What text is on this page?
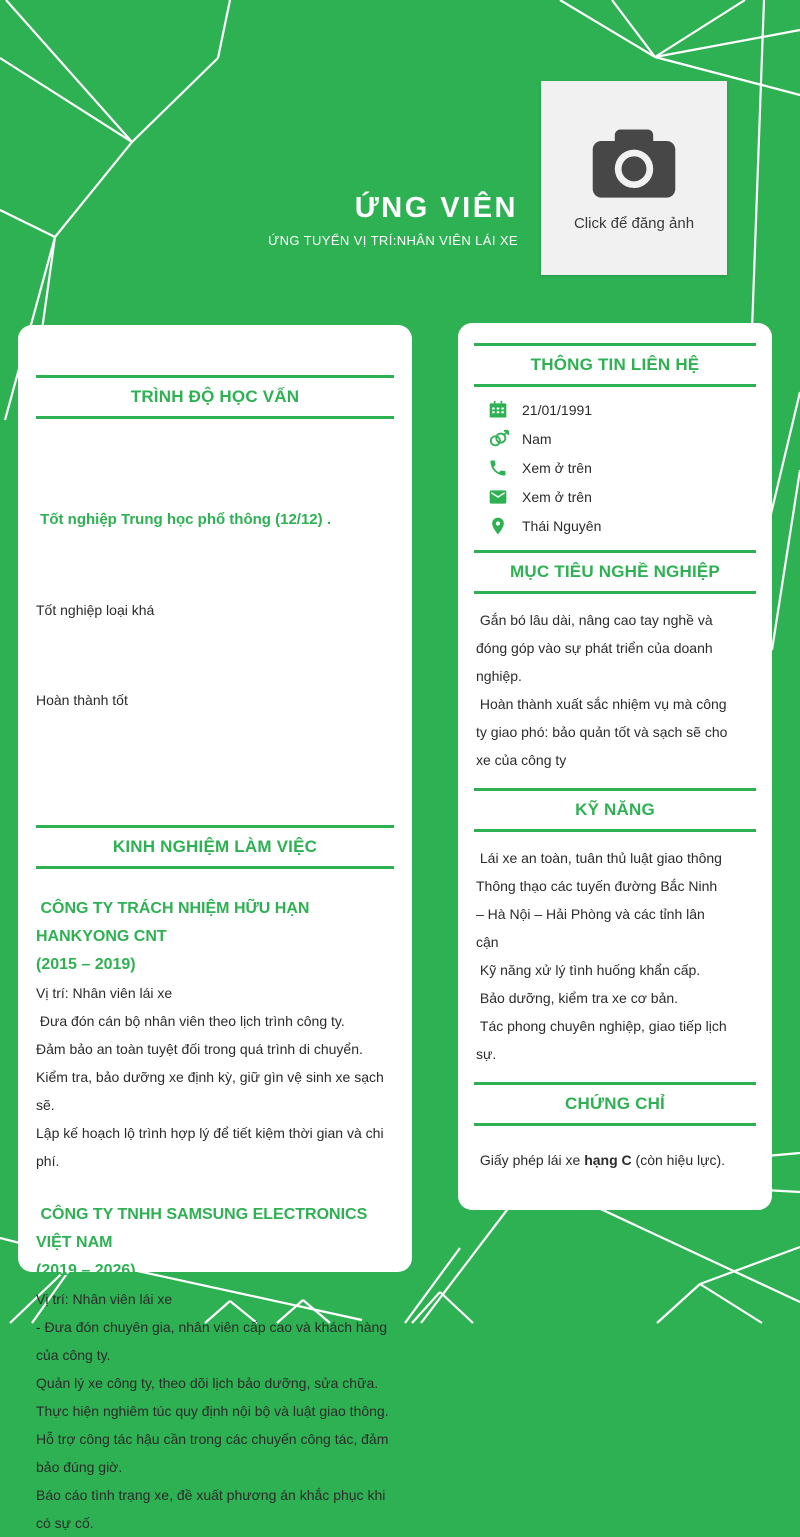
ỨNG VIÊN
ỨNG TUYỂN VỊ TRÍ:NHÂN VIÊN LÁI XE
Click để đăng ảnh
TRÌNH ĐỘ HỌC VẤN

Tốt nghiệp Trung học phổ thông (12/12) .

Tốt nghiệp loại khá

Hoàn thành tốt

KINH NGHIỆM LÀM VIỆC
CÔNG TY TRÁCH NHIỆM HỮU HẠN HANKYONG CNT
(2015 – 2019)
Vị trí: Nhân viên lái xe
Đưa đón cán bộ nhân viên theo lịch trình công ty.
Đảm bảo an toàn tuyệt đối trong quá trình di chuyển.
Kiểm tra, bảo dưỡng xe định kỳ, giữ gìn vệ sinh xe sạch sẽ.
Lập kế hoạch lộ trình hợp lý để tiết kiệm thời gian và chi phí.
CÔNG TY TNHH SAMSUNG ELECTRONICS VIỆT NAM
(2019 – 2026)
Vị trí: Nhân viên lái xe
- Đưa đón chuyên gia, nhân viên cấp cao và khách hàng của công ty.
Quản lý xe công ty, theo dõi lịch bảo dưỡng, sửa chữa.
Thực hiện nghiêm túc quy định nội bộ và luật giao thông.
Hỗ trợ công tác hậu cần trong các chuyến công tác, đảm bảo đúng giờ.
Báo cáo tình trạng xe, đề xuất phương án khắc phục khi có sự cố.
THÔNG TIN LIÊN HỆ
21/01/1991
Nam
Xem ở trên
Xem ở trên
Thái Nguyên
MỤC TIÊU NGHỀ NGHIỆP
Gắn bó lâu dài, nâng cao tay nghề và đóng góp vào sự phát triển của doanh nghiệp.
Hoàn thành xuất sắc nhiệm vụ mà công ty giao phó: bảo quản tốt và sạch sẽ cho xe của công ty
KỸ NĂNG
Lái xe an toàn, tuân thủ luật giao thông
Thông thạo các tuyến đường Bắc Ninh – Hà Nội – Hải Phòng và các tỉnh lân cận
Kỹ năng xử lý tình huống khẩn cấp.
Bảo dưỡng, kiểm tra xe cơ bản.
Tác phong chuyên nghiệp, giao tiếp lịch sự.
CHỨNG CHỈ
Giấy phép lái xe hạng C (còn hiệu lực).
